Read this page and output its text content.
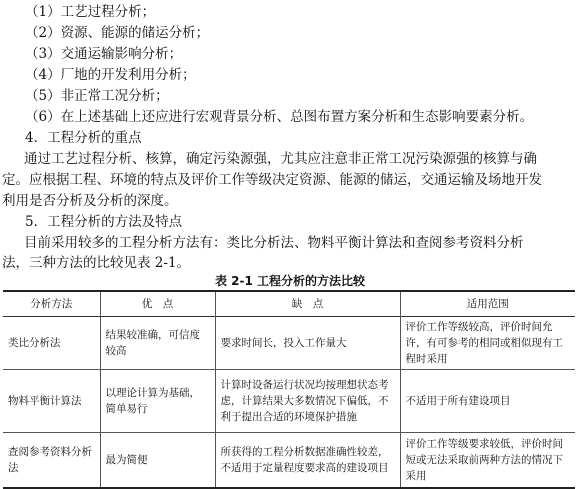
（1）工艺过程分析；
（2）资源、能源的储运分析；
（3）交通运输影响分析；
（4）厂地的开发利用分析；
（5）非正常工况分析；
（6）在上述基础上还应进行宏观背景分析、总图布置方案分析和生态影响要素分析。
4．工程分析的重点
通过工艺过程分析、核算，确定污染源强，尤其应注意非正常工况污染源强的核算与确
定。应根据工程、环境的特点及评价工作等级决定资源、能源的储运，交通运输及场地开发
利用是否分析及分析的深度。
5．工程分析的方法及特点
目前采用较多的工程分析方法有：类比分析法、物料平衡计算法和查阅参考资料分析
法，三种方法的比较见表 2-1。
表 2-1 工程分析的方法比较
分析方法	优　点	缺　点	适用范围
类比分析法	结果较准确，可信度较高	要求时间长，投入工作量大	评价工作等级较高，评价时间允许，有可参考的相同或相似现有工程时采用
物料平衡计算法	以理论计算为基础，简单易行	计算时设备运行状况均按理想状态考虑，计算结果大多数情况下偏低，不利于提出合适的环境保护措施	不适用于所有建设项目
查阅参考资料分析法	最为简便	所获得的工程分析数据准确性较差，不适用于定量程度要求高的建设项目	评价工作等级要求较低，评价时间短或无法采取前两种方法的情况下采用
